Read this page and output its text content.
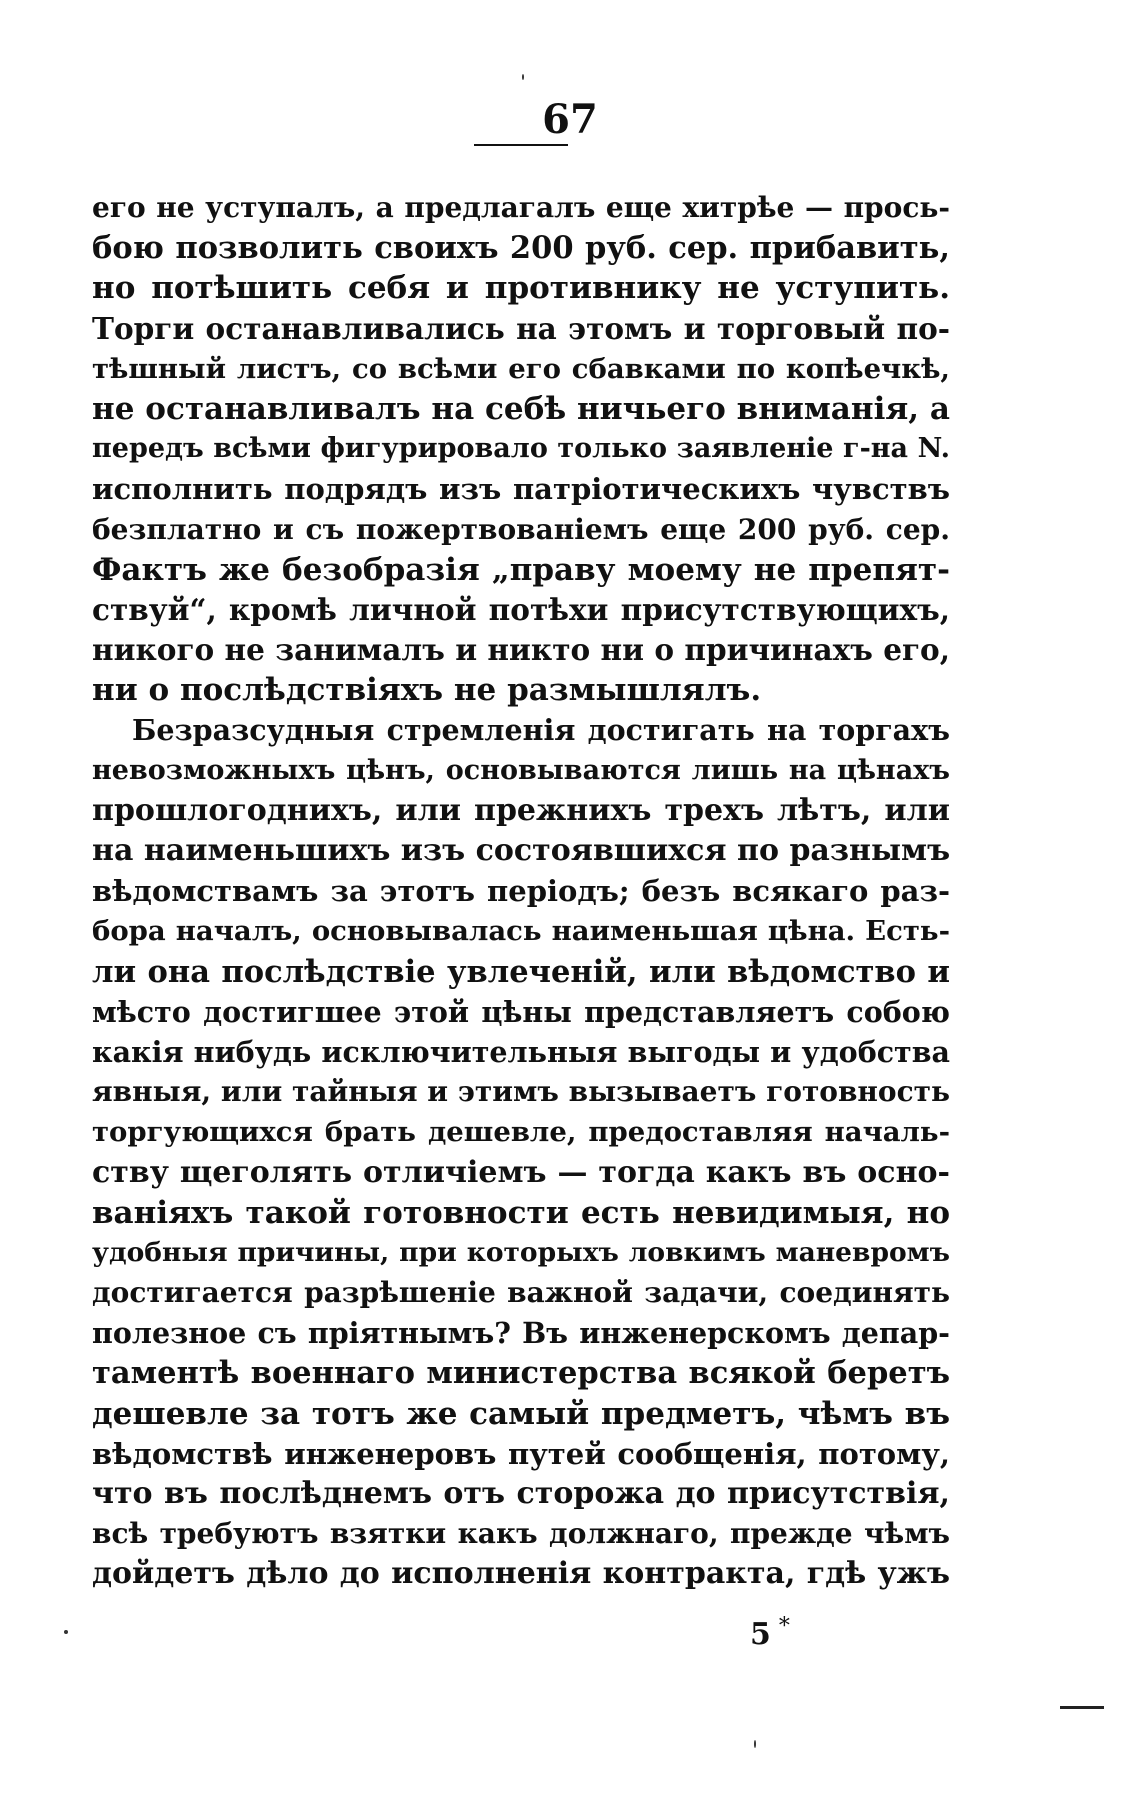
67
его не уступалъ, а предлагалъ еще хитрѣе — прось-
бою позволить своихъ 200 руб. сер. прибавить,
но потѣшить себя и противнику не уступить.
Торги останавливались на этомъ и торговый по-
тѣшный листъ, со всѣми его сбавками по копѣечкѣ,
не останавливалъ на себѣ ничьего вниманія, а
передъ всѣми фигурировало только заявленіе г-на N.
исполнить подрядъ изъ патріотическихъ чувствъ
безплатно и съ пожертвованіемъ еще 200 руб. сер.
Фактъ же безобразія „праву моему не препят-
ствуй“, кромѣ личной потѣхи присутствующихъ,
никого не занималъ и никто ни о причинахъ его,
ни о послѣдствіяхъ не размышлялъ.
Безразсудныя стремленія достигать на торгахъ
невозможныхъ цѣнъ, основываются лишь на цѣнахъ
прошлогоднихъ, или прежнихъ трехъ лѣтъ, или
на наименьшихъ изъ состоявшихся по разнымъ
вѣдомствамъ за этотъ періодъ; безъ всякаго раз-
бора началъ, основывалась наименьшая цѣна. Есть-
ли она послѣдствіе увлеченій, или вѣдомство и
мѣсто достигшее этой цѣны представляетъ собою
какія нибудь исключительныя выгоды и удобства
явныя, или тайныя и этимъ вызываетъ готовность
торгующихся брать дешевле, предоставляя началь-
ству щеголять отличіемъ — тогда какъ въ осно-
ваніяхъ такой готовности есть невидимыя, но
удобныя причины, при которыхъ ловкимъ маневромъ
достигается разрѣшеніе важной задачи, соединять
полезное съ пріятнымъ? Въ инженерскомъ депар-
таментѣ военнаго министерства всякой беретъ
дешевле за тотъ же самый предметъ, чѣмъ въ
вѣдомствѣ инженеровъ путей сообщенія, потому,
что въ послѣднемъ отъ сторожа до присутствія,
всѣ требуютъ взятки какъ должнаго, прежде чѣмъ
дойдетъ дѣло до исполненія контракта, гдѣ ужъ
5 *
